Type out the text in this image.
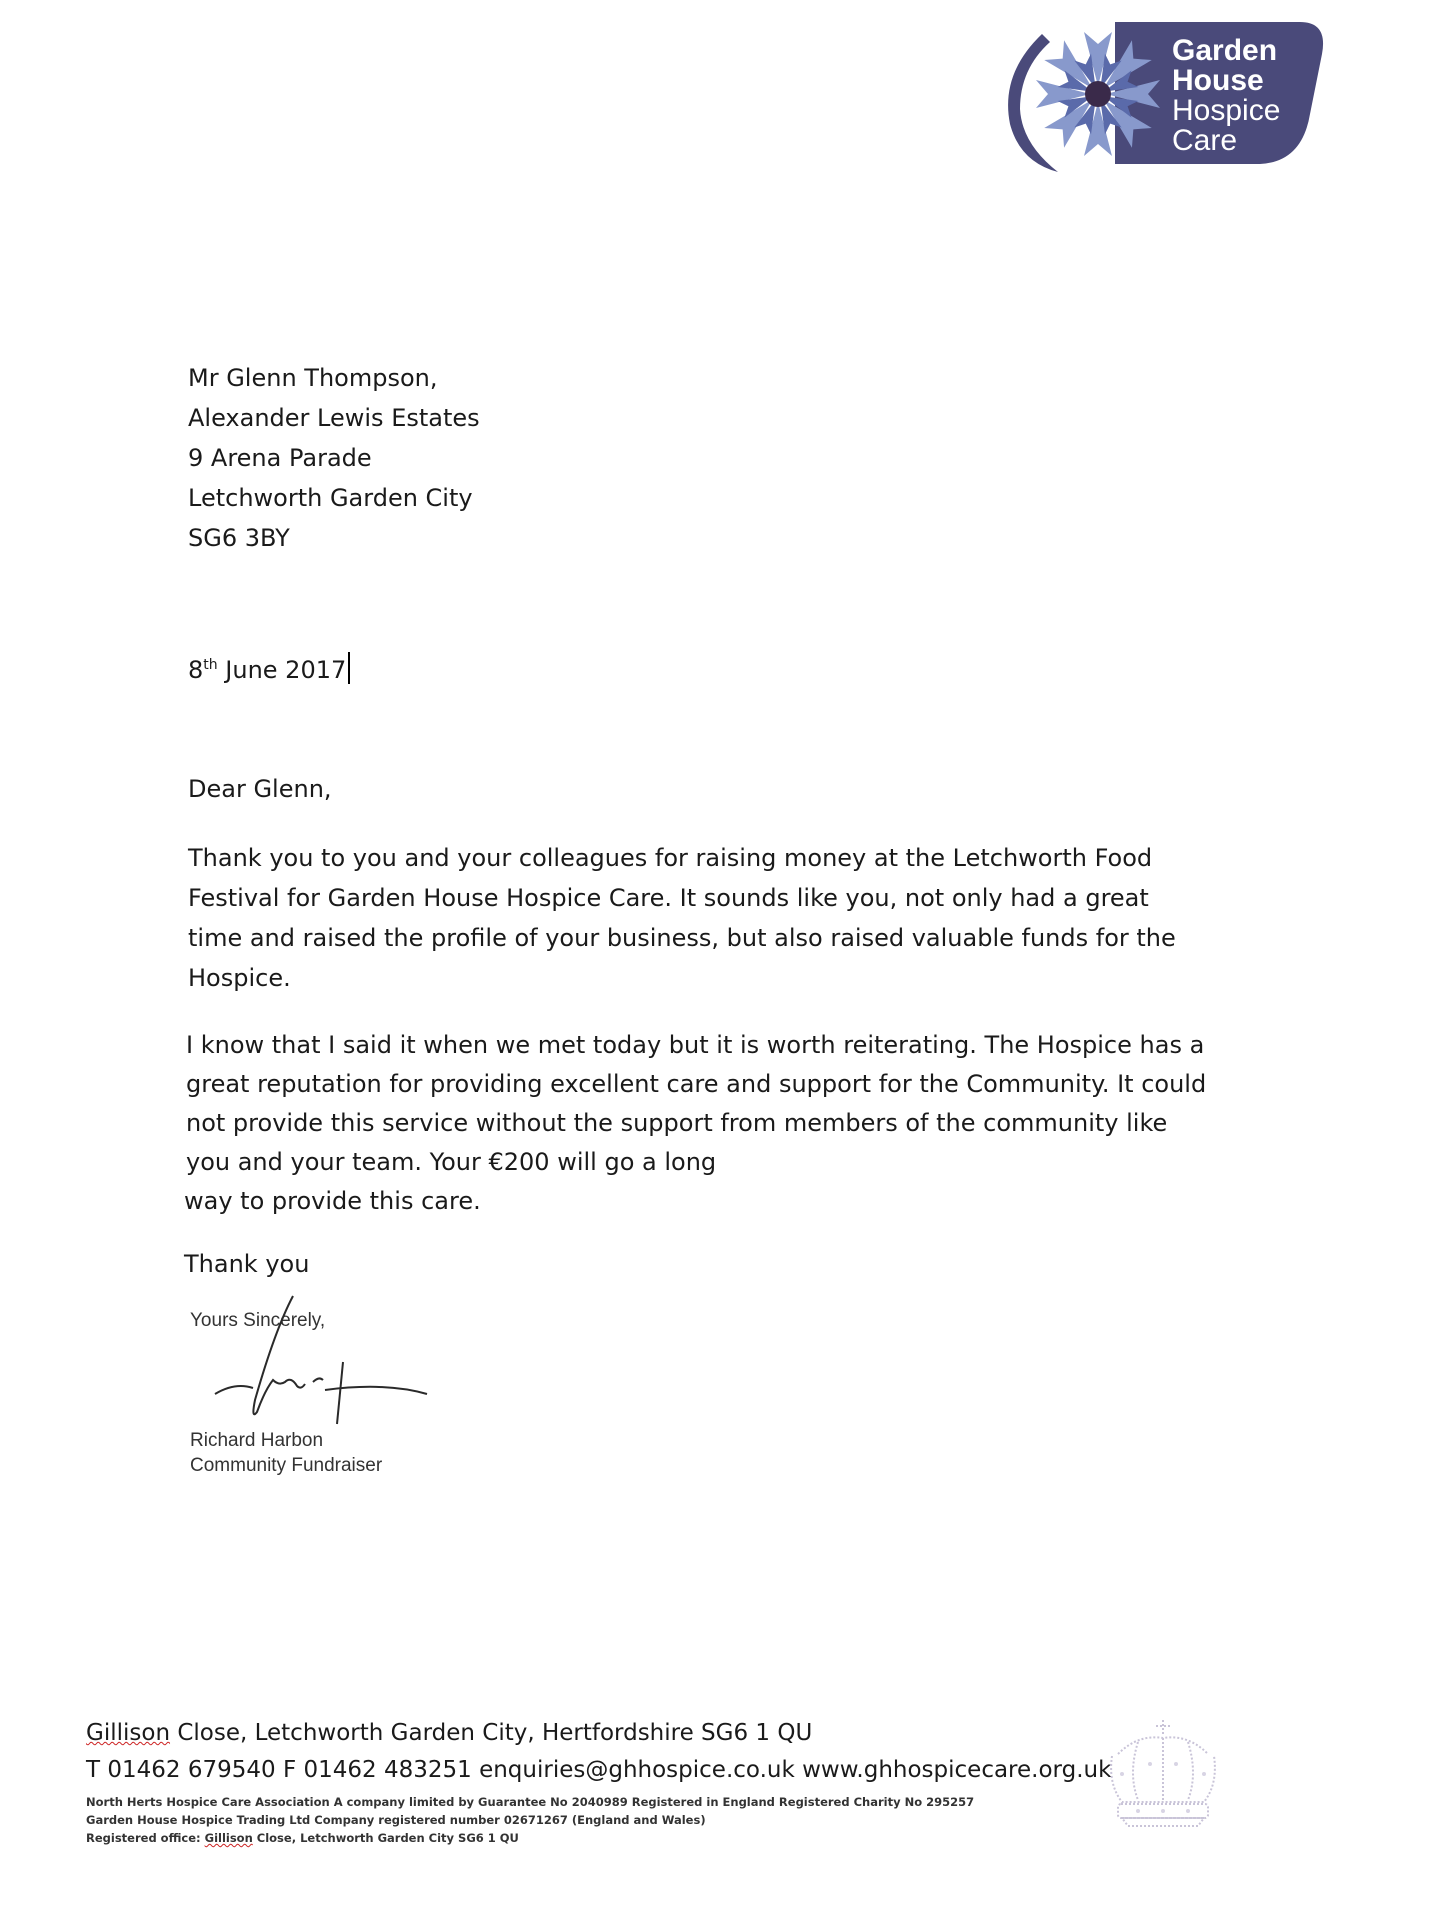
Garden
House
Hospice
Care
Mr Glenn Thompson,
Alexander Lewis Estates
9 Arena Parade
Letchworth Garden City
SG6 3BY
8th June 2017
Dear Glenn,
Thank you to you and your colleagues for raising money at the Letchworth Food
Festival for Garden House Hospice Care. It sounds like you, not only had a great
time and raised the profile of your business, but also raised valuable funds for the
Hospice.
I know that I said it when we met today but it is worth reiterating. The Hospice has a
great reputation for providing excellent care and support for the Community. It could
not provide this service without the support from members of the community like
you and your team. Your €200 will go a long
way to provide this care.
Thank you
Yours Sincerely,
Richard Harbon
Community Fundraiser
Gillison Close, Letchworth Garden City, Hertfordshire SG6 1 QU
T 01462 679540 F 01462 483251 enquiries@ghhospice.co.uk www.ghhospicecare.org.uk
North Herts Hospice Care Association A company limited by Guarantee No 2040989 Registered in England Registered Charity No 295257
Garden House Hospice Trading Ltd Company registered number 02671267 (England and Wales)
Registered office: Gillison Close, Letchworth Garden City SG6 1 QU
